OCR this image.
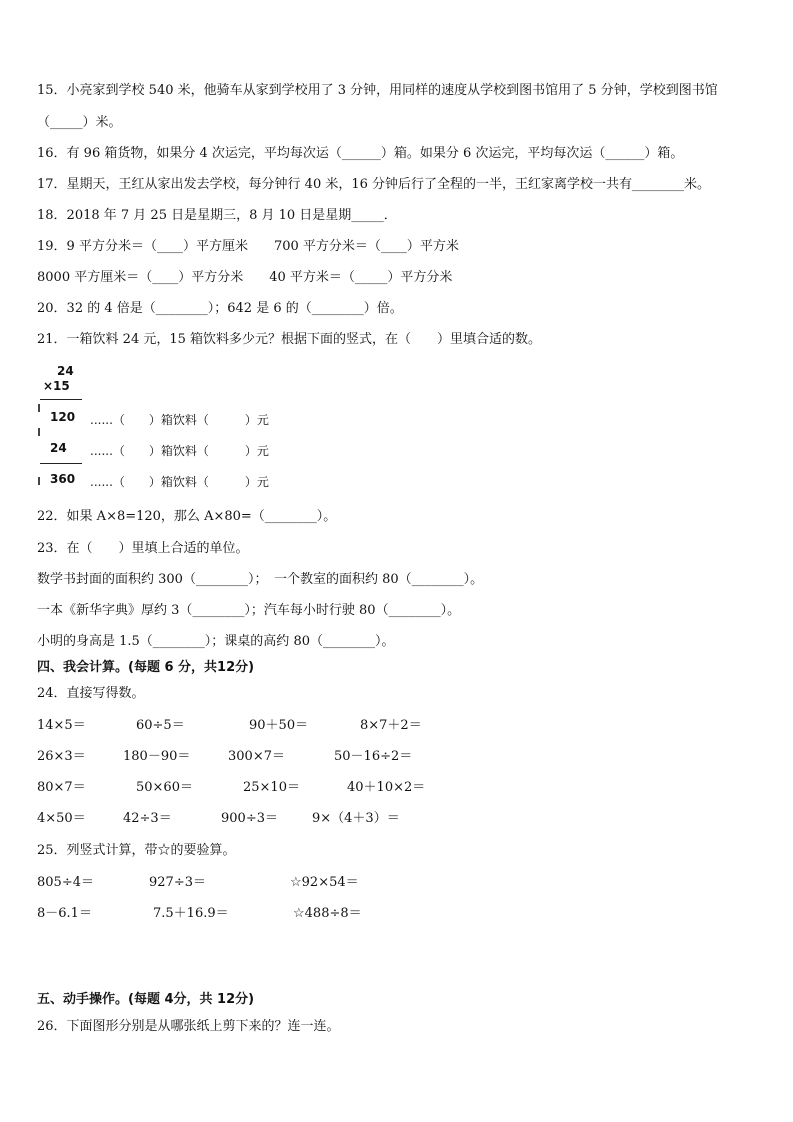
15．小亮家到学校 540 米，他骑车从家到学校用了 3 分钟，用同样的速度从学校到图书馆用了 5 分钟，学校到图书馆
（_____）米。
16．有 96 箱货物，如果分 4 次运完，平均每次运（______）箱。如果分 6 次运完，平均每次运（______）箱。
17．星期天，王红从家出发去学校，每分钟行 40 米，16 分钟后行了全程的一半，王红家离学校一共有________米。
18．2018 年 7 月 25 日是星期三，8 月 10 日是星期_____．
19．9 平方分米＝（____）平方厘米　　700 平方分米＝（____）平方米
8000 平方厘米＝（____）平方分米　　40 平方米＝（_____）平方分米
20．32 的 4 倍是（________）；642 是 6 的（________）倍。
21．一箱饮料 24 元，15 箱饮料多少元？根据下面的竖式，在（　　）里填合适的数。
24
×15
120 ......（　　）箱饮料（　　　）元
24 ......（　　）箱饮料（　　　）元
360 ......（　　）箱饮料（　　　）元
22．如果 A×8=120，那么 A×80=（________）。
23．在（　　）里填上合适的单位。
数学书封面的面积约 300（________）；　一个教室的面积约 80（________）。
一本《新华字典》厚约 3（________）；汽车每小时行驶 80（________）。
小明的身高是 1.5（________）；课桌的高约 80（________）。
四、我会计算。(每题 6 分，共12分)
24．直接写得数。
14×5＝	60÷5＝	90＋50＝	8×7＋2＝
26×3＝	180－90＝	300×7＝	50－16÷2＝
80×7＝	50×60＝	25×10＝	40＋10×2＝
4×50＝	42÷3＝	900÷3＝	9×（4＋3）＝
25．列竖式计算，带☆的要验算。
805÷4＝	927÷3＝	☆92×54＝
8－6.1＝	7.5＋16.9＝	☆488÷8＝
五、动手操作。(每题 4分，共 12分)
26．下面图形分别是从哪张纸上剪下来的？连一连。
